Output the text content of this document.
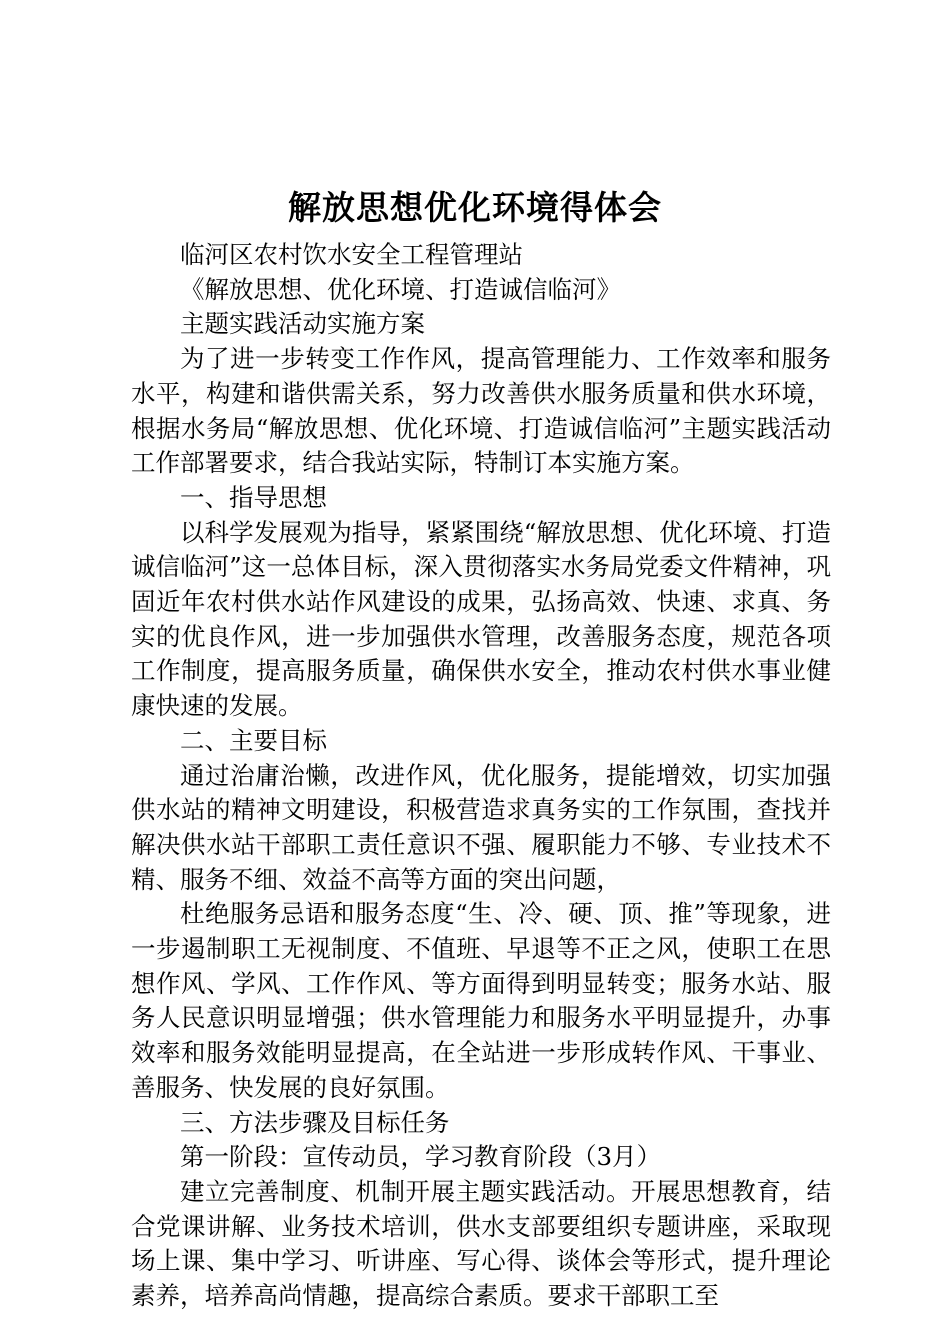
解放思想优化环境得体会

临河区农村饮水安全工程管理站

《解放思想、优化环境、打造诚信临河》

主题实践活动实施方案

为了进一步转变工作作风，提高管理能力、工作效率和服务水平，构建和谐供需关系，努力改善供水服务质量和供水环境，根据水务局“解放思想、优化环境、打造诚信临河”主题实践活动工作部署要求，结合我站实际，特制订本实施方案。

一、指导思想

以科学发展观为指导，紧紧围绕“解放思想、优化环境、打造诚信临河”这一总体目标，深入贯彻落实水务局党委文件精神，巩固近年农村供水站作风建设的成果，弘扬高效、快速、求真、务实的优良作风，进一步加强供水管理，改善服务态度，规范各项工作制度，提高服务质量，确保供水安全，推动农村供水事业健康快速的发展。

二、主要目标

通过治庸治懒，改进作风，优化服务，提能增效，切实加强供水站的精神文明建设，积极营造求真务实的工作氛围，查找并解决供水站干部职工责任意识不强、履职能力不够、专业技术不精、服务不细、效益不高等方面的突出问题，

杜绝服务忌语和服务态度“生、冷、硬、顶、推”等现象，进一步遏制职工无视制度、不值班、早退等不正之风，使职工在思想作风、学风、工作作风、等方面得到明显转变；服务水站、服务人民意识明显增强；供水管理能力和服务水平明显提升，办事效率和服务效能明显提高，在全站进一步形成转作风、干事业、善服务、快发展的良好氛围。

三、方法步骤及目标任务

第一阶段：宣传动员，学习教育阶段（3月）

建立完善制度、机制开展主题实践活动。开展思想教育，结合党课讲解、业务技术培训，供水支部要组织专题讲座，采取现场上课、集中学习、听讲座、写心得、谈体会等形式，提升理论素养，培养高尚情趣，提高综合素质。要求干部职工至
